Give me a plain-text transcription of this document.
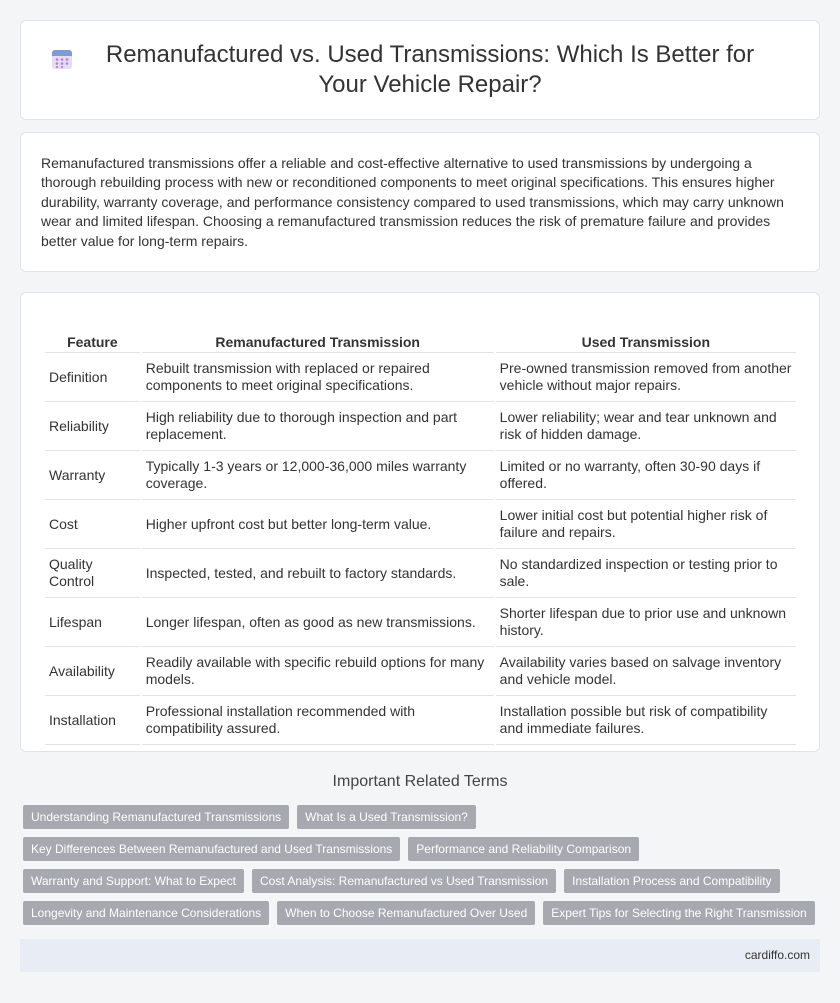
Remanufactured vs. Used Transmissions: Which Is Better for Your Vehicle Repair?

Remanufactured transmissions offer a reliable and cost-effective alternative to used transmissions by undergoing a thorough rebuilding process with new or reconditioned components to meet original specifications. This ensures higher durability, warranty coverage, and performance consistency compared to used transmissions, which may carry unknown wear and limited lifespan. Choosing a remanufactured transmission reduces the risk of premature failure and provides better value for long-term repairs.

Feature	Remanufactured Transmission	Used Transmission
Definition	Rebuilt transmission with replaced or repaired components to meet original specifications.	Pre-owned transmission removed from another vehicle without major repairs.
Reliability	High reliability due to thorough inspection and part replacement.	Lower reliability; wear and tear unknown and risk of hidden damage.
Warranty	Typically 1-3 years or 12,000-36,000 miles warranty coverage.	Limited or no warranty, often 30-90 days if offered.
Cost	Higher upfront cost but better long-term value.	Lower initial cost but potential higher risk of failure and repairs.
Quality Control	Inspected, tested, and rebuilt to factory standards.	No standardized inspection or testing prior to sale.
Lifespan	Longer lifespan, often as good as new transmissions.	Shorter lifespan due to prior use and unknown history.
Availability	Readily available with specific rebuild options for many models.	Availability varies based on salvage inventory and vehicle model.
Installation	Professional installation recommended with compatibility assured.	Installation possible but risk of compatibility and immediate failures.
Important Related Terms
Understanding Remanufactured Transmissions	What Is a Used Transmission?
Key Differences Between Remanufactured and Used Transmissions	Performance and Reliability Comparison
Warranty and Support: What to Expect	Cost Analysis: Remanufactured vs Used Transmission	Installation Process and Compatibility
Longevity and Maintenance Considerations	When to Choose Remanufactured Over Used	Expert Tips for Selecting the Right Transmission
cardiffo.com
